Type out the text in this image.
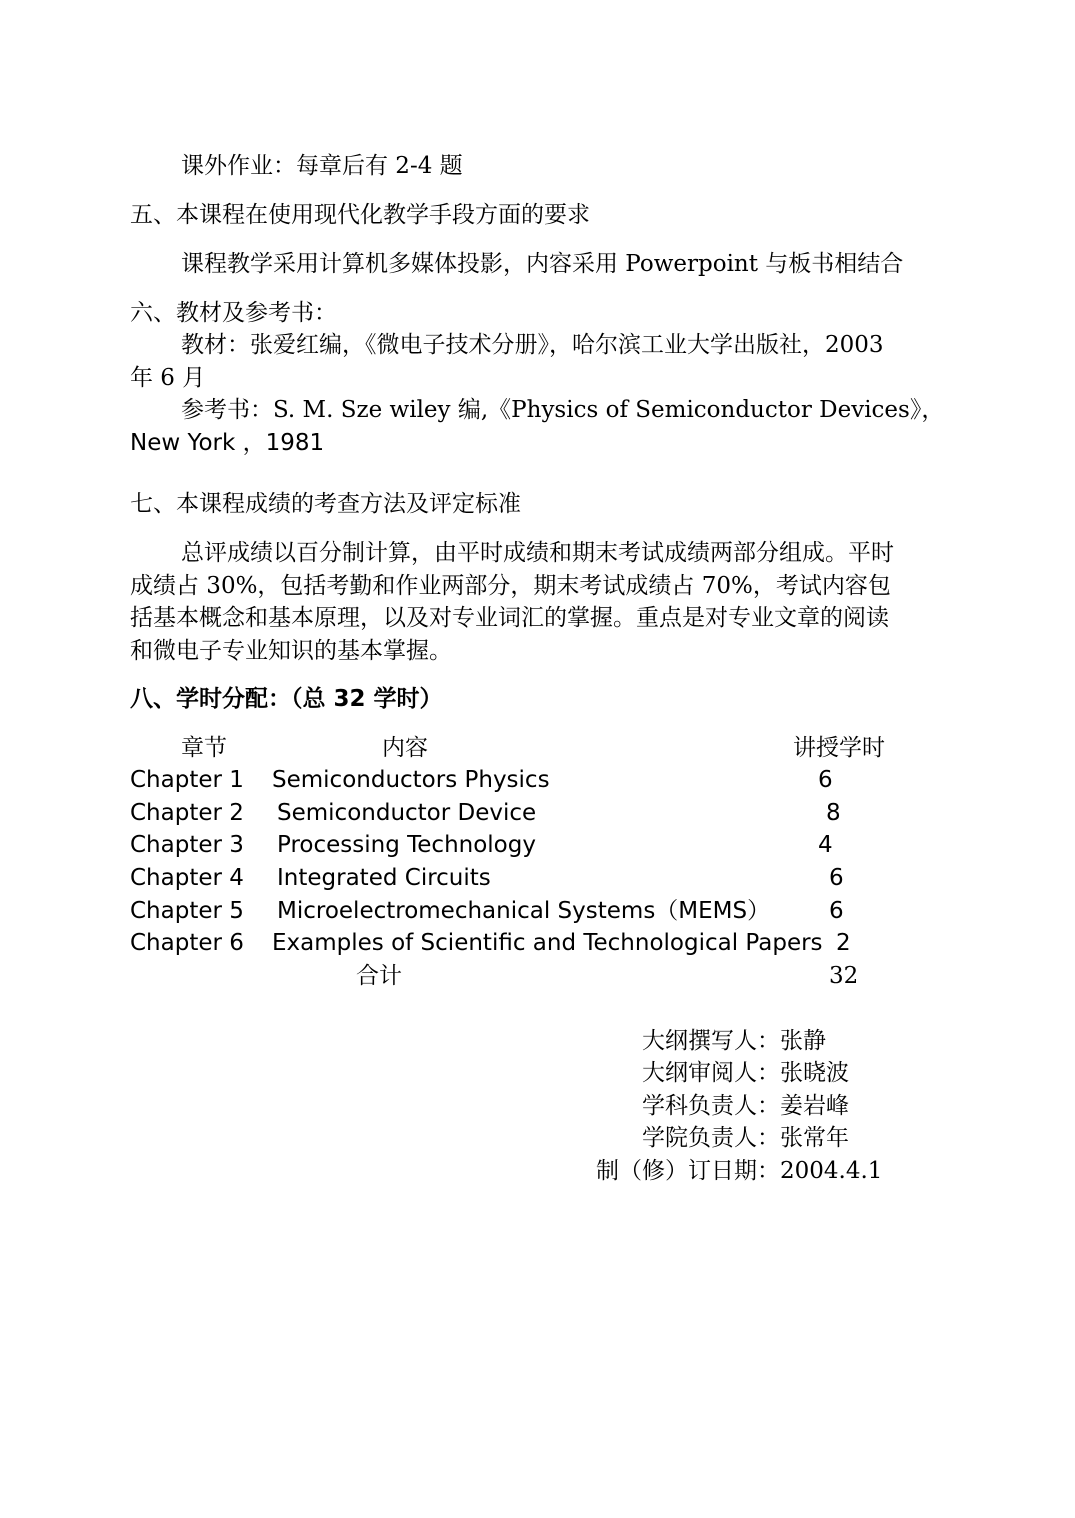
课外作业：每章后有 2-4 题
五、本课程在使用现代化教学手段方面的要求
课程教学采用计算机多媒体投影，内容采用 Powerpoint 与板书相结合
六、教材及参考书：
教材：张爱红编，《微电子技术分册》，哈尔滨工业大学出版社，2003
年 6 月
参考书：S. M. Sze wiley 编,《Physics of Semiconductor Devices》，
New York ，1981
七、本课程成绩的考查方法及评定标准
总评成绩以百分制计算，由平时成绩和期末考试成绩两部分组成。平时
成绩占 30%，包括考勤和作业两部分，期末考试成绩占 70%，考试内容包
括基本概念和基本原理，以及对专业词汇的掌握。重点是对专业文章的阅读
和微电子专业知识的基本掌握。
八、学时分配：（总 32 学时）
章节	内容	讲授学时
Chapter 1 Semiconductors Physics	6
Chapter 2 Semiconductor Device	8
Chapter 3 Processing Technology	4
Chapter 4 Integrated Circuits	6
Chapter 5 Microelectromechanical Systems（MEMS）	6
Chapter 6 Examples of Scientific and Technological Papers 2
合计	32
大纲撰写人： 张静
大纲审阅人： 张晓波
学科负责人： 姜岩峰
学院负责人： 张常年
制（修）订日期： 2004.4.1
